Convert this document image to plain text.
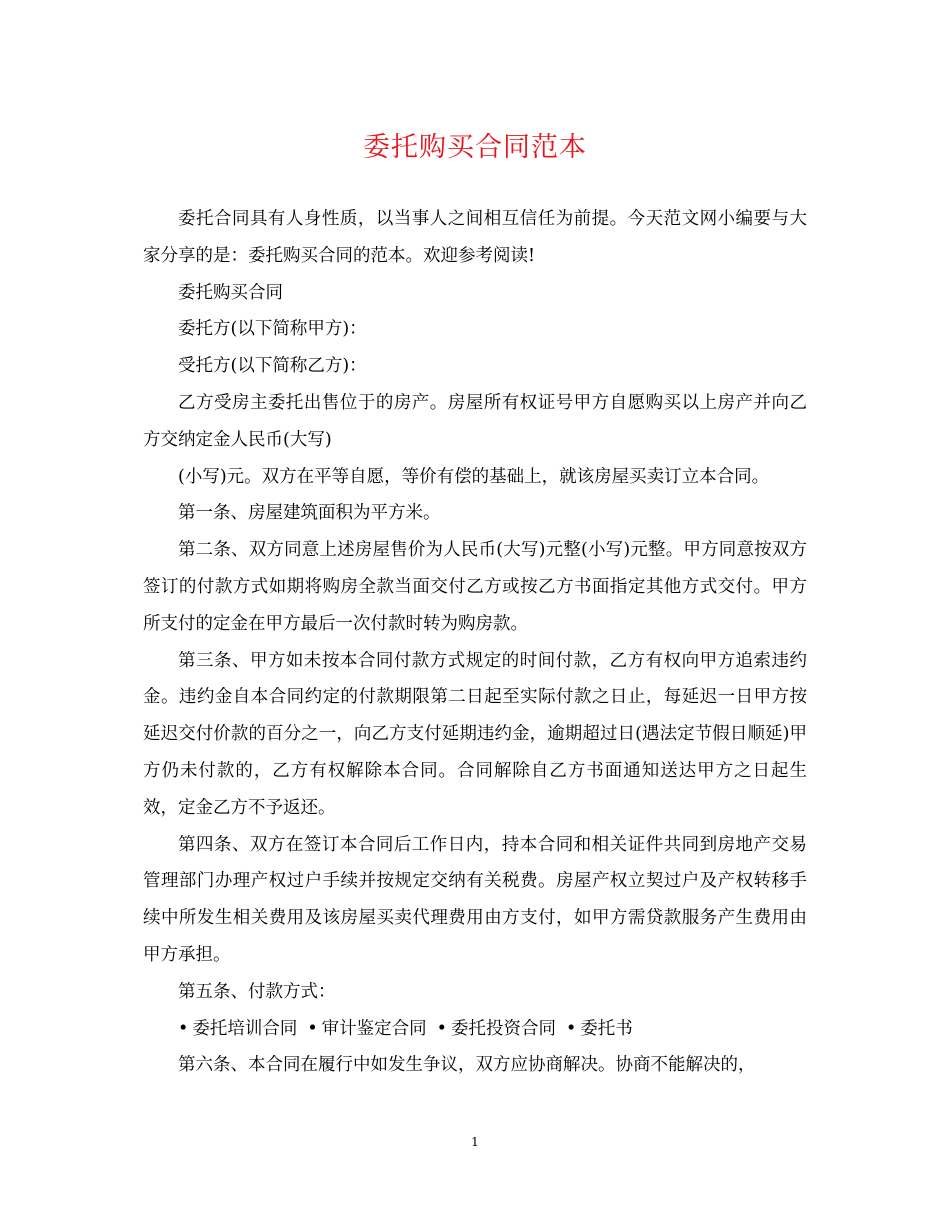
委托购买合同范本

委托合同具有人身性质，以当事人之间相互信任为前提。今天范文网小编要与大家分享的是：委托购买合同的范本。欢迎参考阅读!

委托购买合同

委托方(以下简称甲方)：

受托方(以下简称乙方)：

乙方受房主委托出售位于的房产。房屋所有权证号甲方自愿购买以上房产并向乙方交纳定金人民币(大写)

(小写)元。双方在平等自愿，等价有偿的基础上，就该房屋买卖订立本合同。

第一条、房屋建筑面积为平方米。

第二条、双方同意上述房屋售价为人民币(大写)元整(小写)元整。甲方同意按双方签订的付款方式如期将购房全款当面交付乙方或按乙方书面指定其他方式交付。甲方所支付的定金在甲方最后一次付款时转为购房款。

第三条、甲方如未按本合同付款方式规定的时间付款，乙方有权向甲方追索违约金。违约金自本合同约定的付款期限第二日起至实际付款之日止，每延迟一日甲方按延迟交付价款的百分之一，向乙方支付延期违约金，逾期超过日(遇法定节假日顺延)甲方仍未付款的，乙方有权解除本合同。合同解除自乙方书面通知送达甲方之日起生效，定金乙方不予返还。

第四条、双方在签订本合同后工作日内，持本合同和相关证件共同到房地产交易管理部门办理产权过户手续并按规定交纳有关税费。房屋产权立契过户及产权转移手续中所发生相关费用及该房屋买卖代理费用由方支付，如甲方需贷款服务产生费用由甲方承担。

第五条、付款方式：

• 委托培训合同 • 审计鉴定合同 • 委托投资合同 • 委托书

第六条、本合同在履行中如发生争议，双方应协商解决。协商不能解决的，

1
